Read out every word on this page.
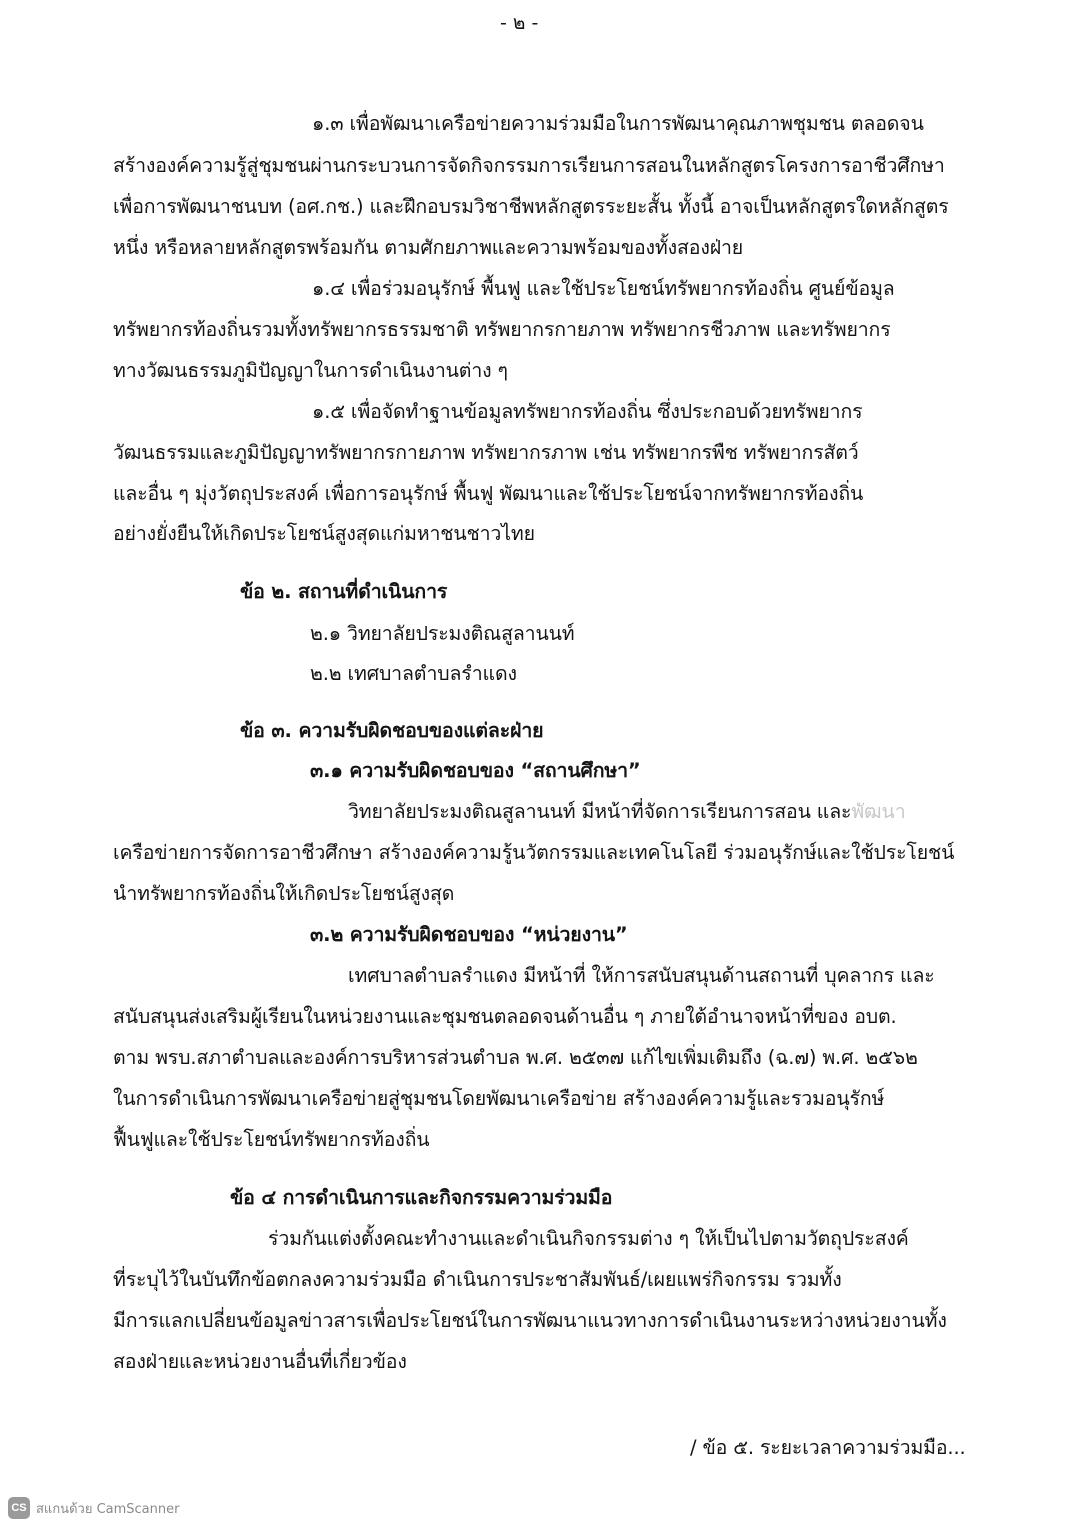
- ๒ -
๑.๓ เพื่อพัฒนาเครือข่ายความร่วมมือในการพัฒนาคุณภาพชุมชน ตลอดจน
สร้างองค์ความรู้สู่ชุมชนผ่านกระบวนการจัดกิจกรรมการเรียนการสอนในหลักสูตรโครงการอาชีวศึกษา
เพื่อการพัฒนาชนบท (อศ.กช.) และฝึกอบรมวิชาชีพหลักสูตรระยะสั้น ทั้งนี้ อาจเป็นหลักสูตรใดหลักสูตร
หนึ่ง หรือหลายหลักสูตรพร้อมกัน ตามศักยภาพและความพร้อมของทั้งสองฝ่าย
๑.๔ เพื่อร่วมอนุรักษ์ พื้นฟู และใช้ประโยชน์ทรัพยากรท้องถิ่น ศูนย์ข้อมูล
ทรัพยากรท้องถิ่นรวมทั้งทรัพยากรธรรมชาติ ทรัพยากรกายภาพ ทรัพยากรชีวภาพ และทรัพยากร
ทางวัฒนธรรมภูมิปัญญาในการดำเนินงานต่าง ๆ
๑.๕ เพื่อจัดทำฐานข้อมูลทรัพยากรท้องถิ่น ซึ่งประกอบด้วยทรัพยากร
วัฒนธรรมและภูมิปัญญาทรัพยากรกายภาพ ทรัพยากรภาพ เช่น ทรัพยากรพืช ทรัพยากรสัตว์
และอื่น ๆ มุ่งวัตถุประสงค์ เพื่อการอนุรักษ์ พื้นฟู พัฒนาและใช้ประโยชน์จากทรัพยากรท้องถิ่น
อย่างยั่งยืนให้เกิดประโยชน์สูงสุดแก่มหาชนชาวไทย
ข้อ ๒. สถานที่ดำเนินการ
๒.๑ วิทยาลัยประมงติณสูลานนท์
๒.๒ เทศบาลตำบลรำแดง
ข้อ ๓. ความรับผิดชอบของแต่ละฝ่าย
๓.๑ ความรับผิดชอบของ “สถานศึกษา”
วิทยาลัยประมงติณสูลานนท์ มีหน้าที่จัดการเรียนการสอน และพัฒนา
เครือข่ายการจัดการอาชีวศึกษา สร้างองค์ความรู้นวัตกรรมและเทคโนโลยี ร่วมอนุรักษ์และใช้ประโยชน์
นำทรัพยากรท้องถิ่นให้เกิดประโยชน์สูงสุด
๓.๒ ความรับผิดชอบของ “หน่วยงาน”
เทศบาลตำบลรำแดง มีหน้าที่ ให้การสนับสนุนด้านสถานที่ บุคลากร และ
สนับสนุนส่งเสริมผู้เรียนในหน่วยงานและชุมชนตลอดจนด้านอื่น ๆ ภายใต้อำนาจหน้าที่ของ อบต.
ตาม พรบ.สภาตำบลและองค์การบริหารส่วนตำบล พ.ศ. ๒๕๓๗ แก้ไขเพิ่มเติมถึง (ฉ.๗) พ.ศ. ๒๕๖๒
ในการดำเนินการพัฒนาเครือข่ายสู่ชุมชนโดยพัฒนาเครือข่าย สร้างองค์ความรู้และรวมอนุรักษ์
ฟื้นฟูและใช้ประโยชน์ทรัพยากรท้องถิ่น
ข้อ ๔ การดำเนินการและกิจกรรมความร่วมมือ
ร่วมกันแต่งตั้งคณะทำงานและดำเนินกิจกรรมต่าง ๆ ให้เป็นไปตามวัตถุประสงค์
ที่ระบุไว้ในบันทึกข้อตกลงความร่วมมือ ดำเนินการประชาสัมพันธ์/เผยแพร่กิจกรรม รวมทั้ง
มีการแลกเปลี่ยนข้อมูลข่าวสารเพื่อประโยชน์ในการพัฒนาแนวทางการดำเนินงานระหว่างหน่วยงานทั้ง
สองฝ่ายและหน่วยงานอื่นที่เกี่ยวข้อง
/ ข้อ ๕. ระยะเวลาความร่วมมือ...
CS สแกนด้วย CamScanner
